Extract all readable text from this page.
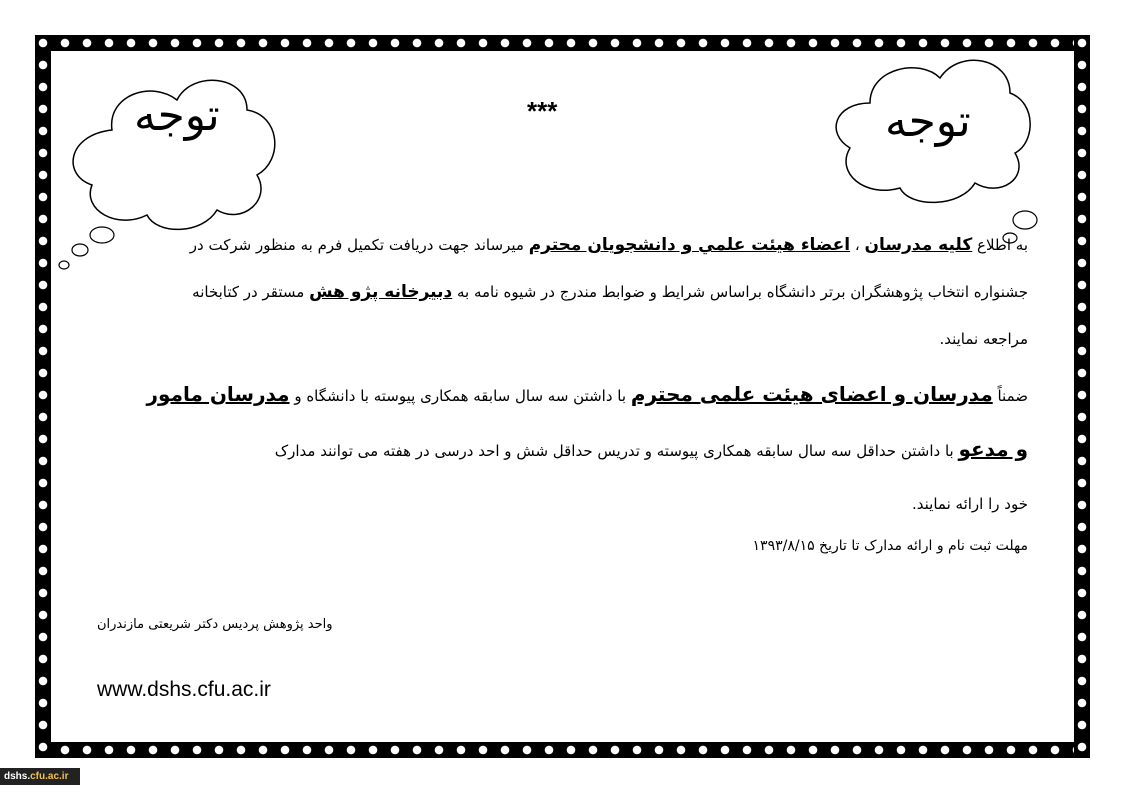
توجه	توجه
***
به اطلاع کلیه مدرسان ، اعضاء هیئت علمي و دانشجویان محترم میرساند جهت دریافت تکمیل فرم به منظور شرکت در
جشنواره انتخاب پژوهشگران برتر دانشگاه براساس شرایط و ضوابط مندرج در شیوه نامه به دبیرخانه پژو هش مستقر در کتابخانه
مراجعه نمایند.
ضمناً مدرسان و اعضای هیئت علمی محترم با داشتن سه سال سابقه همکاری پیوسته با دانشگاه و مدرسان مامور
و مدعو با داشتن حداقل سه سال سابقه همکاری پیوسته و تدریس حداقل شش و احد درسی در هفته می توانند مدارک
خود را ارائه نمایند.
مهلت ثبت نام و ارائه مدارک تا تاریخ ۱۳۹۳/۸/۱۵
واحد پژوهش پردیس دکتر شریعتی مازندران
www.dshs.cfu.ac.ir
dshs.cfu.ac.ir
